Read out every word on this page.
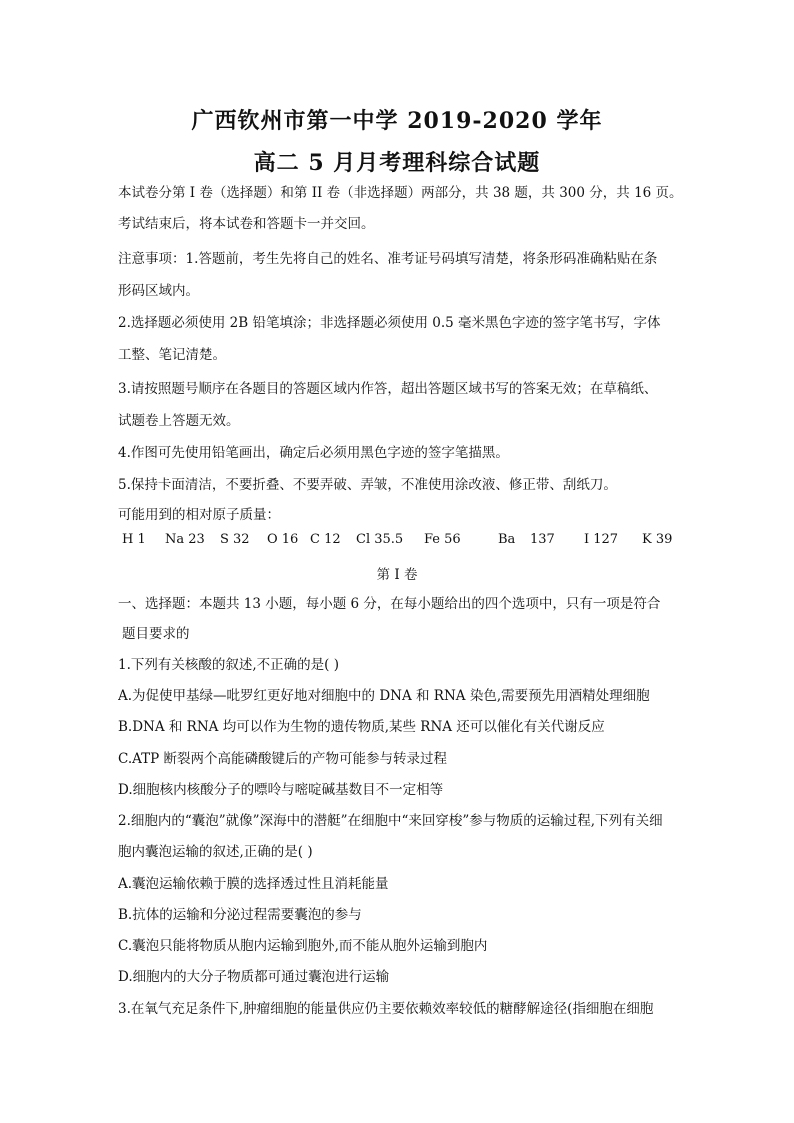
广西钦州市第一中学 2019-2020 学年
高二 5 月月考理科综合试题
本试卷分第 I 卷（选择题）和第 II 卷（非选择题）两部分，共 38 题，共 300 分，共 16 页。
考试结束后，将本试卷和答题卡一并交回。
注意事项：1.答题前，考生先将自己的姓名、准考证号码填写清楚，将条形码准确粘贴在条
形码区域内。
2.选择题必须使用 2B 铅笔填涂；非选择题必须使用 0.5 毫米黑色字迹的签字笔书写，字体
工整、笔记清楚。
3.请按照题号顺序在各题目的答题区域内作答，超出答题区域书写的答案无效；在草稿纸、
试题卷上答题无效。
4.作图可先使用铅笔画出，确定后必须用黑色字迹的签字笔描黑。
5.保持卡面清洁，不要折叠、不要弄破、弄皱，不准使用涂改液、修正带、刮纸刀。
可能用到的相对原子质量：
H 1 Na 23 S 32 O 16 C 12 Cl 35.5 Fe 56	Ba 137 I 127 K 39
第 I 卷
一、选择题：本题共 13 小题，每小题 6 分，在每小题给出的四个选项中，只有一项是符合
题目要求的
1.下列有关核酸的叙述,不正确的是( )
A.为促使甲基绿—吡罗红更好地对细胞中的 DNA 和 RNA 染色,需要预先用酒精处理细胞
B.DNA 和 RNA 均可以作为生物的遗传物质,某些 RNA 还可以催化有关代谢反应
C.ATP 断裂两个高能磷酸键后的产物可能参与转录过程
D.细胞核内核酸分子的嘌呤与嘧啶碱基数目不一定相等
2.细胞内的“囊泡”就像”深海中的潜艇”在细胞中“来回穿梭”参与物质的运输过程,下列有关细
胞内囊泡运输的叙述,正确的是( )
A.囊泡运输依赖于膜的选择透过性且消耗能量
B.抗体的运输和分泌过程需要囊泡的参与
C.囊泡只能将物质从胞内运输到胞外,而不能从胞外运输到胞内
D.细胞内的大分子物质都可通过囊泡进行运输
3.在氧气充足条件下,肿瘤细胞的能量供应仍主要依赖效率较低的糖酵解途径(指细胞在细胞
